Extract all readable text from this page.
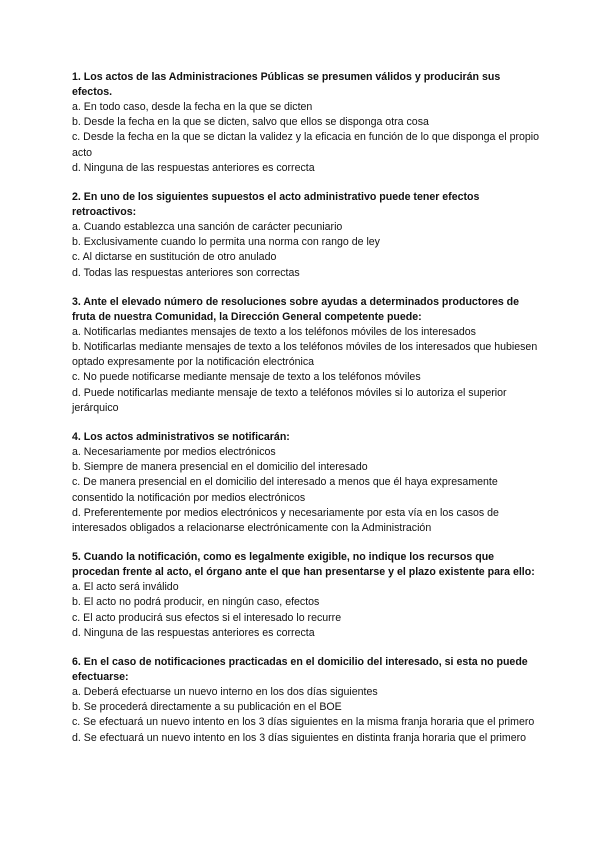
1. Los actos de las Administraciones Públicas se presumen válidos y producirán sus efectos.

a. En todo caso, desde la fecha en la que se dicten

b. Desde la fecha en la que se dicten, salvo que ellos se disponga otra cosa

c. Desde la fecha en la que se dictan la validez y la eficacia en función de lo que disponga el propio acto

d. Ninguna de las respuestas anteriores es correcta

2. En uno de los siguientes supuestos el acto administrativo puede tener efectos retroactivos:

a. Cuando establezca una sanción de carácter pecuniario

b. Exclusivamente cuando lo permita una norma con rango de ley

c. Al dictarse en sustitución de otro anulado

d. Todas las respuestas anteriores son correctas

3. Ante el elevado número de resoluciones sobre ayudas a determinados productores de fruta de nuestra Comunidad, la Dirección General competente puede:

a. Notificarlas mediantes mensajes de texto a los teléfonos móviles de los interesados

b. Notificarlas mediante mensajes de texto a los teléfonos móviles de los interesados que hubiesen optado expresamente por la notificación electrónica

c. No puede notificarse mediante mensaje de texto a los teléfonos móviles

d. Puede notificarlas mediante mensaje de texto a teléfonos móviles si lo autoriza el superior jerárquico

4. Los actos administrativos se notificarán:

a. Necesariamente por medios electrónicos

b. Siempre de manera presencial en el domicilio del interesado

c. De manera presencial en el domicilio del interesado a menos que él haya expresamente consentido la notificación por medios electrónicos

d. Preferentemente por medios electrónicos y necesariamente por esta vía en los casos de interesados obligados a relacionarse electrónicamente con la Administración

5. Cuando la notificación, como es legalmente exigible, no indique los recursos que procedan frente al acto, el órgano ante el que han presentarse y el plazo existente para ello:

a. El acto será inválido

b. El acto no podrá producir, en ningún caso, efectos

c. El acto producirá sus efectos si el interesado lo recurre

d. Ninguna de las respuestas anteriores es correcta

6. En el caso de notificaciones practicadas en el domicilio del interesado, si esta no puede efectuarse:

a. Deberá efectuarse un nuevo interno en los dos días siguientes

b. Se procederá directamente a su publicación en el BOE

c. Se efectuará un nuevo intento en los 3 días siguientes en la misma franja horaria que el primero

d. Se efectuará un nuevo intento en los 3 días siguientes en distinta franja horaria que el primero
